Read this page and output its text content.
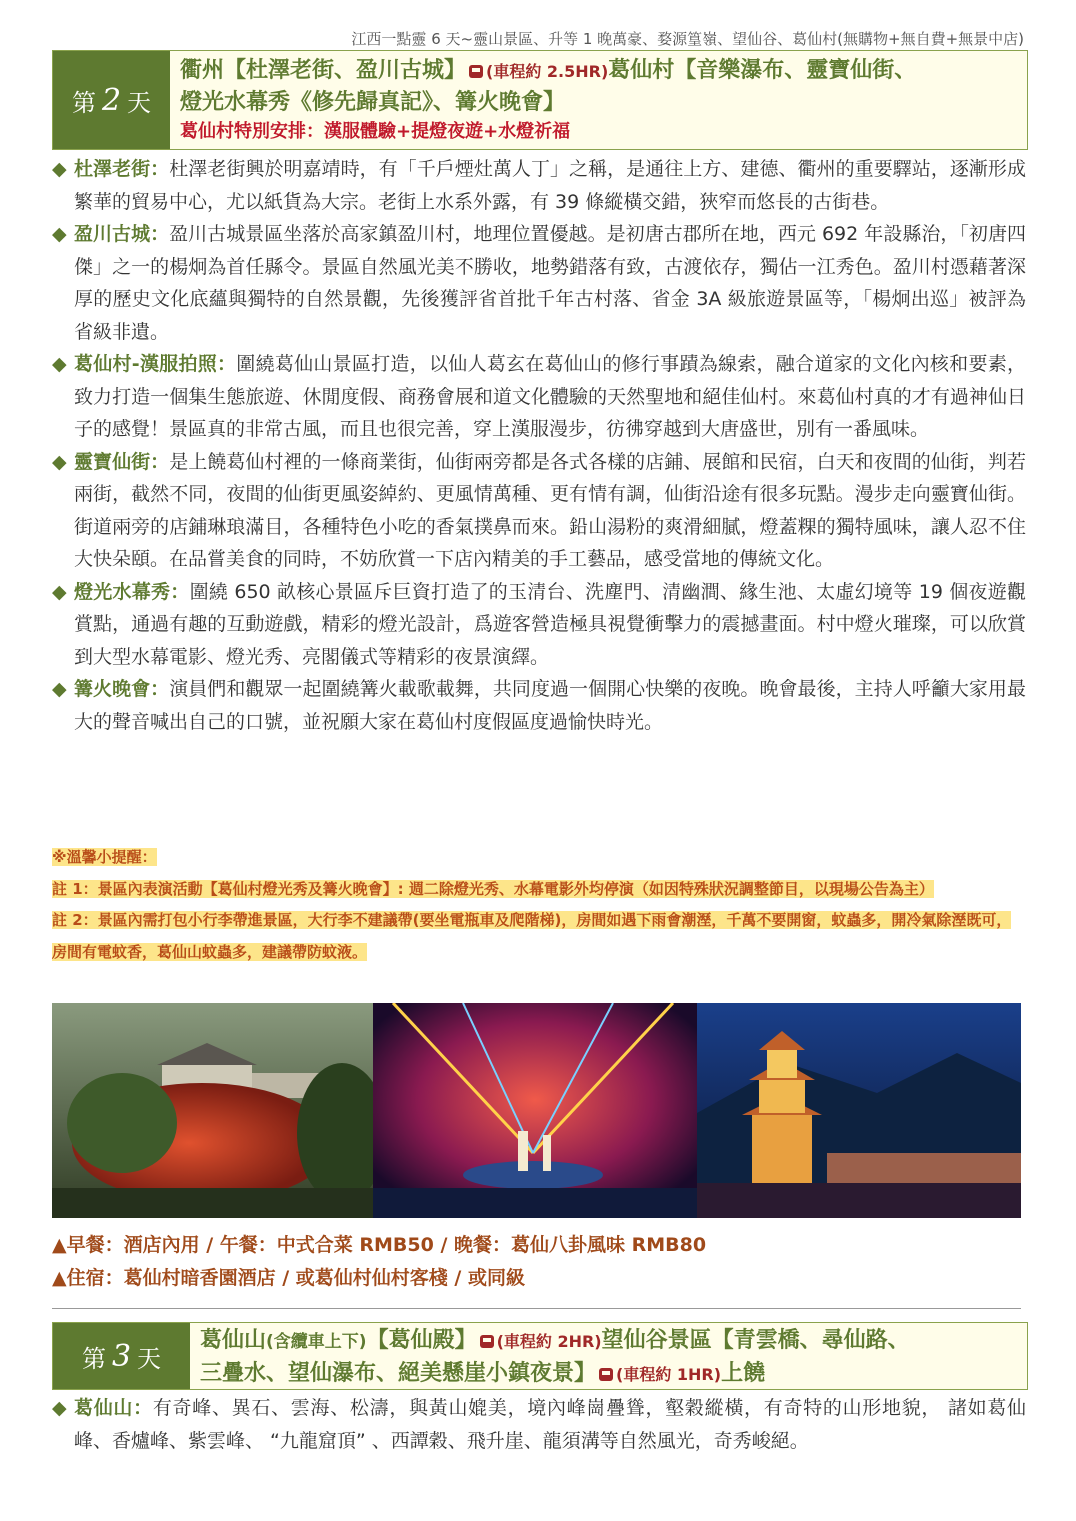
江西一點靈 6 天~靈山景區、升等 1 晚萬豪、婺源篁嶺、望仙谷、葛仙村(無購物+無自費+無景中店)
第 2 天
衢州【杜澤老街、盈川古城】 (車程約 2.5HR)葛仙村【音樂瀑布、靈寶仙街、
燈光水幕秀《修先歸真記》、篝火晚會】
葛仙村特別安排：漢服體驗+提燈夜遊+水燈祈福
◆ 杜澤老街：杜澤老街興於明嘉靖時，有「千戶煙灶萬人丁」之稱，是通往上方、建德、衢州的重要驛站，逐漸形成繁華的貿易中心，尤以紙貨為大宗。老街上水系外露，有 39 條縱橫交錯，狹窄而悠長的古街巷。
◆ 盈川古城：盈川古城景區坐落於高家鎮盈川村，地理位置優越。是初唐古郡所在地，西元 692 年設縣治，「初唐四傑」之一的楊炯為首任縣令。景區自然風光美不勝收，地勢錯落有致，古渡依存，獨佔一江秀色。盈川村憑藉著深厚的歷史文化底蘊與獨特的自然景觀，先後獲評省首批千年古村落、省金 3A 級旅遊景區等，「楊炯出巡」被評為省級非遺。
◆ 葛仙村-漢服拍照：圍繞葛仙山景區打造，以仙人葛玄在葛仙山的修行事蹟為線索，融合道家的文化內核和要素，致力打造一個集生態旅遊、休閒度假、商務會展和道文化體驗的天然聖地和絕佳仙村。來葛仙村真的才有過神仙日子的感覺！景區真的非常古風，而且也很完善，穿上漢服漫步，彷彿穿越到大唐盛世，別有一番風味。
◆ 靈寶仙街：是上饒葛仙村裡的一條商業街，仙街兩旁都是各式各樣的店鋪、展館和民宿，白天和夜間的仙街，判若兩街，截然不同，夜間的仙街更風姿綽約、更風情萬種、更有情有調，仙街沿途有很多玩點。漫步走向靈寶仙街。街道兩旁的店鋪琳琅滿目，各種特色小吃的香氣撲鼻而來。鉛山湯粉的爽滑細膩，燈蓋粿的獨特風味，讓人忍不住大快朵頤。在品嘗美食的同時，不妨欣賞一下店內精美的手工藝品，感受當地的傳統文化。
◆ 燈光水幕秀：圍繞 650 畝核心景區斥巨資打造了的玉清台、洗塵門、清幽澗、緣生池、太虛幻境等 19 個夜遊觀賞點，通過有趣的互動遊戲，精彩的燈光設計，爲遊客營造極具視覺衝擊力的震撼畫面。村中燈火璀璨，可以欣賞到大型水幕電影、燈光秀、亮閣儀式等精彩的夜景演繹。
◆ 篝火晚會：演員們和觀眾一起圍繞篝火載歌載舞，共同度過一個開心快樂的夜晚。晚會最後，主持人呼籲大家用最大的聲音喊出自己的口號，並祝願大家在葛仙村度假區度過愉快時光。
※溫馨小提醒：
註 1：景區內表演活動【葛仙村燈光秀及篝火晚會】: 週二除燈光秀、水幕電影外均停演（如因特殊狀況調整節目，以現場公告為主）
註 2：景區內需打包小行李帶進景區，大行李不建議帶(要坐電瓶車及爬階梯)，房間如遇下雨會潮溼，千萬不要開窗，蚊蟲多，開冷氣除溼既可，房間有電蚊香，葛仙山蚊蟲多，建議帶防蚊液。
▲早餐：酒店內用 / 午餐：中式合菜 RMB50 / 晚餐：葛仙八卦風味 RMB80
▲住宿：葛仙村暗香園酒店 / 或葛仙村仙村客棧 / 或同級
第 3 天
葛仙山(含纜車上下)【葛仙殿】 (車程約 2HR)望仙谷景區【青雲橋、尋仙路、
三疊水、望仙瀑布、絕美懸崖小鎮夜景】 (車程約 1HR)上饒
◆ 葛仙山：有奇峰、異石、雲海、松濤，與黃山媲美，境內峰崗疊聳，壑穀縱橫，有奇特的山形地貌， 諸如葛仙峰、香爐峰、紫雲峰、 “九龍窟頂” 、西譚穀、飛升崖、龍須溝等自然風光，奇秀峻絕。
